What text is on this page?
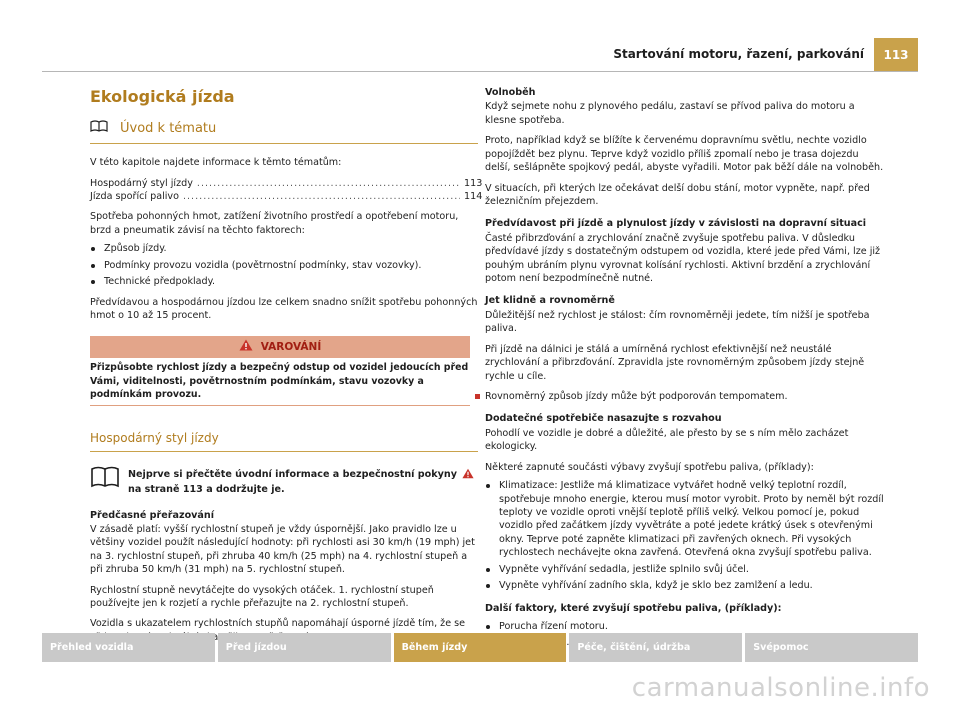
Startování motoru, řazení, parkování	113
Ekologická jízda
Úvod k tématu

V této kapitole najdete informace k těmto tématům:

Hospodárný styl jízdy .....	113
Jízda spořící palivo .....	114

Spotřeba pohonných hmot, zatížení životního prostředí a opotřebení motoru, brzd a pneumatik závisí na těchto faktorech:

Způsob jízdy.
Podmínky provozu vozidla (povětrnostní podmínky, stav vozovky).
Technické předpoklady.

Předvídavou a hospodárnou jízdou lze celkem snadno snížit spotřebu pohonných hmot o 10 až 15 procent.

VAROVÁNÍ
Přizpůsobte rychlost jízdy a bezpečný odstup od vozidel jedoucích před Vámi, viditelnosti, povětrnostním podmínkám, stavu vozovky a podmínkám provozu.
Hospodárný styl jízdy
Nejprve si přečtěte úvodní informace a bezpečnostní pokyny  na straně 113 a dodržujte je.
Předčasné přeřazování

V zásadě platí: vyšší rychlostní stupeň je vždy úspornější. Jako pravidlo lze u většiny vozidel použít následující hodnoty: při rychlosti asi 30 km/h (19 mph) jet na 3. rychlostní stupeň, při zhruba 40 km/h (25 mph) na 4. rychlostní stupeň a při zhruba 50 km/h (31 mph) na 5. rychlostní stupeň.

Rychlostní stupně nevytáčejte do vysokých otáček. 1. rychlostní stupeň používejte jen k rozjetí a rychle přeřazujte na 2. rychlostní stupeň.

Vozidla s ukazatelem rychlostních stupňů napomáhají úsporné jízdě tím, že se

Volnoběh

Když sejmete nohu z plynového pedálu, zastaví se přívod paliva do motoru a klesne spotřeba.

Proto, například když se blížíte k červenému dopravnímu světlu, nechte vozidlo popojíždět bez plynu. Teprve když vozidlo příliš zpomalí nebo je trasa dojezdu delší, sešlápněte spojkový pedál, abyste vyřadili. Motor pak běží dále na volnoběh.

V situacích, při kterých lze očekávat delší dobu stání, motor vypněte, např. před železničním přejezdem.

Předvídavost při jízdě a plynulost jízdy v závislosti na dopravní situaci

Časté přibrzďování a zrychlování značně zvyšuje spotřebu paliva. V důsledku předvídavé jízdy s dostatečným odstupem od vozidla, které jede před Vámi, lze již pouhým ubráním plynu vyrovnat kolísání rychlosti. Aktivní brzdění a zrychlování potom není bezpodmínečně nutné.

Jet klidně a rovnoměrně

Důležitější než rychlost je stálost: čím rovnoměrněji jedete, tím nižší je spotřeba paliva.

Při jízdě na dálnici je stálá a umírněná rychlost efektivnější než neustálé zrychlování a přibrzďování. Zpravidla jste rovnoměrným způsobem jízdy stejně rychle u cíle.

Rovnoměrný způsob jízdy může být podporován tempomatem.

Dodatečné spotřebiče nasazujte s rozvahou

Pohodlí ve vozidle je dobré a důležité, ale přesto by se s ním mělo zacházet ekologicky.

Některé zapnuté součásti výbavy zvyšují spotřebu paliva, (příklady):

Klimatizace: Jestliže má klimatizace vytvářet hodně velký teplotní rozdíl, spotřebuje mnoho energie, kterou musí motor vyrobit. Proto by neměl být rozdíl teploty ve vozidle oproti vnější teplotě příliš velký. Velkou pomocí je, pokud vozidlo před začátkem jízdy vyvětráte a poté jedete krátký úsek s otevřenými okny. Teprve poté zapněte klimatizaci při zavřených oknech. Při vysokých rychlostech nechávejte okna zavřená. Otevřená okna zvyšují spotřebu paliva.
Vypněte vyhřívání sedadla, jestliže splnilo svůj účel.
Vypněte vyhřívání zadního skla, když je sklo bez zamlžení a ledu.
Další faktory, které zvyšují spotřebu paliva, (příklady):
Porucha řízení motoru.
Přehled vozidla	Před jízdou	Během jízdy	Péče, čištění, údržba	Svépomoc
carmanualsonline.info
